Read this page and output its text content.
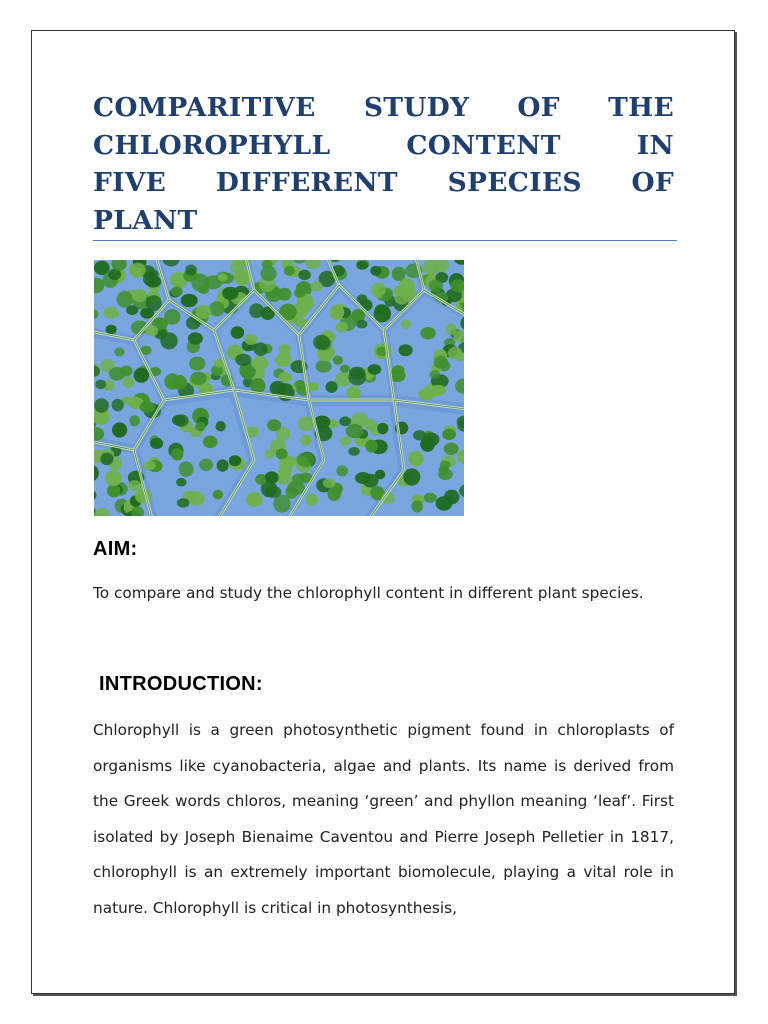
COMPARITIVE STUDY OF THE
CHLOROPHYLL	CONTENT	IN
FIVE DIFFERENT SPECIES OF
PLANT
AIM:

To compare and study the chlorophyll content in different plant species.

INTRODUCTION:

Chlorophyll is a green photosynthetic pigment found in chloroplasts of organisms like cyanobacteria, algae and plants. Its name is derived from the Greek words chloros, meaning ‘green’ and phyllon meaning ‘leaf’. First isolated by Joseph Bienaime Caventou and Pierre Joseph Pelletier in 1817, chlorophyll is an extremely important biomolecule, playing a vital role in nature. Chlorophyll is critical in photosynthesis,
